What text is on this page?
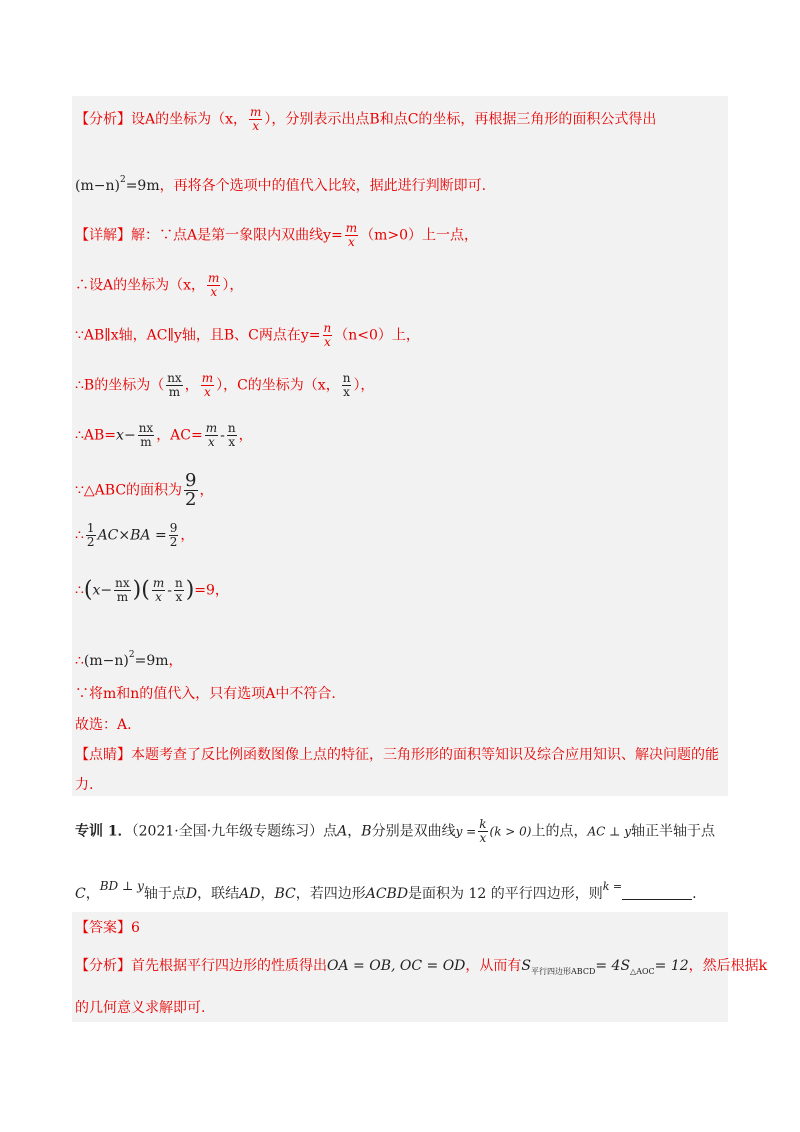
【分析】设A的坐标为（x， $\frac{m}{x}$ ），分别表示出点B和点C的坐标，再根据三角形的面积公式得出
$(m-n)^2=9m$，再将各个选项中的值代入比较，据此进行判断即可.
【详解】解：∵点A是第一象限内双曲线$y= \frac{m}{x} (m>0)$上一点，
∴设A的坐标为（x， $\frac{m}{x}$ ），
∵AB∥x轴，AC∥y轴，且B、C两点在$y= \frac{n}{x} (n<0)$上，
∴B的坐标为（ $\frac{nx}{m}$ ， $\frac{m}{x}$ ），C的坐标为（x， $\frac{n}{x}$ ），
∴AB=x− $\frac{nx}{m}$ ，$AC= \frac{m}{x} - \frac{n}{x}$ ，
∵△ABC的面积为 $\frac{9}{2}$ ，
∴ $\frac{1}{2} AC\times BA = \frac{9}{2}$ ，
∴(x− $\frac{nx}{m}$ )( $\frac{m}{x} - \frac{n}{x} )=9$，
$\therefore(m-n)^2=9m$，
∵将m和n的值代入，只有选项A中不符合.
故选：A.
【点睛】本题考查了反比例函数图像上点的特征，三角形形的面积等知识及综合应用知识、解决问题的能
力.
专训 1．（2021·全国·九年级专题练习）点A，B分别是双曲线$y = \frac{k}{x} (k > 0)$上的点，AC ⊥ y轴正半轴于点
C，BD ⊥ y轴于点D，联结AD，BC，若四边形ACBD是面积为 12 的平行四边形，则$^{k =}$	.
【答案】6
【分析】首先根据平行四边形的性质得出OA = OB, OC = OD，从而有$S_{平行四边形ABCD}= 4S_{\triangle AOC}= 12$，然后根据k
的几何意义求解即可.
